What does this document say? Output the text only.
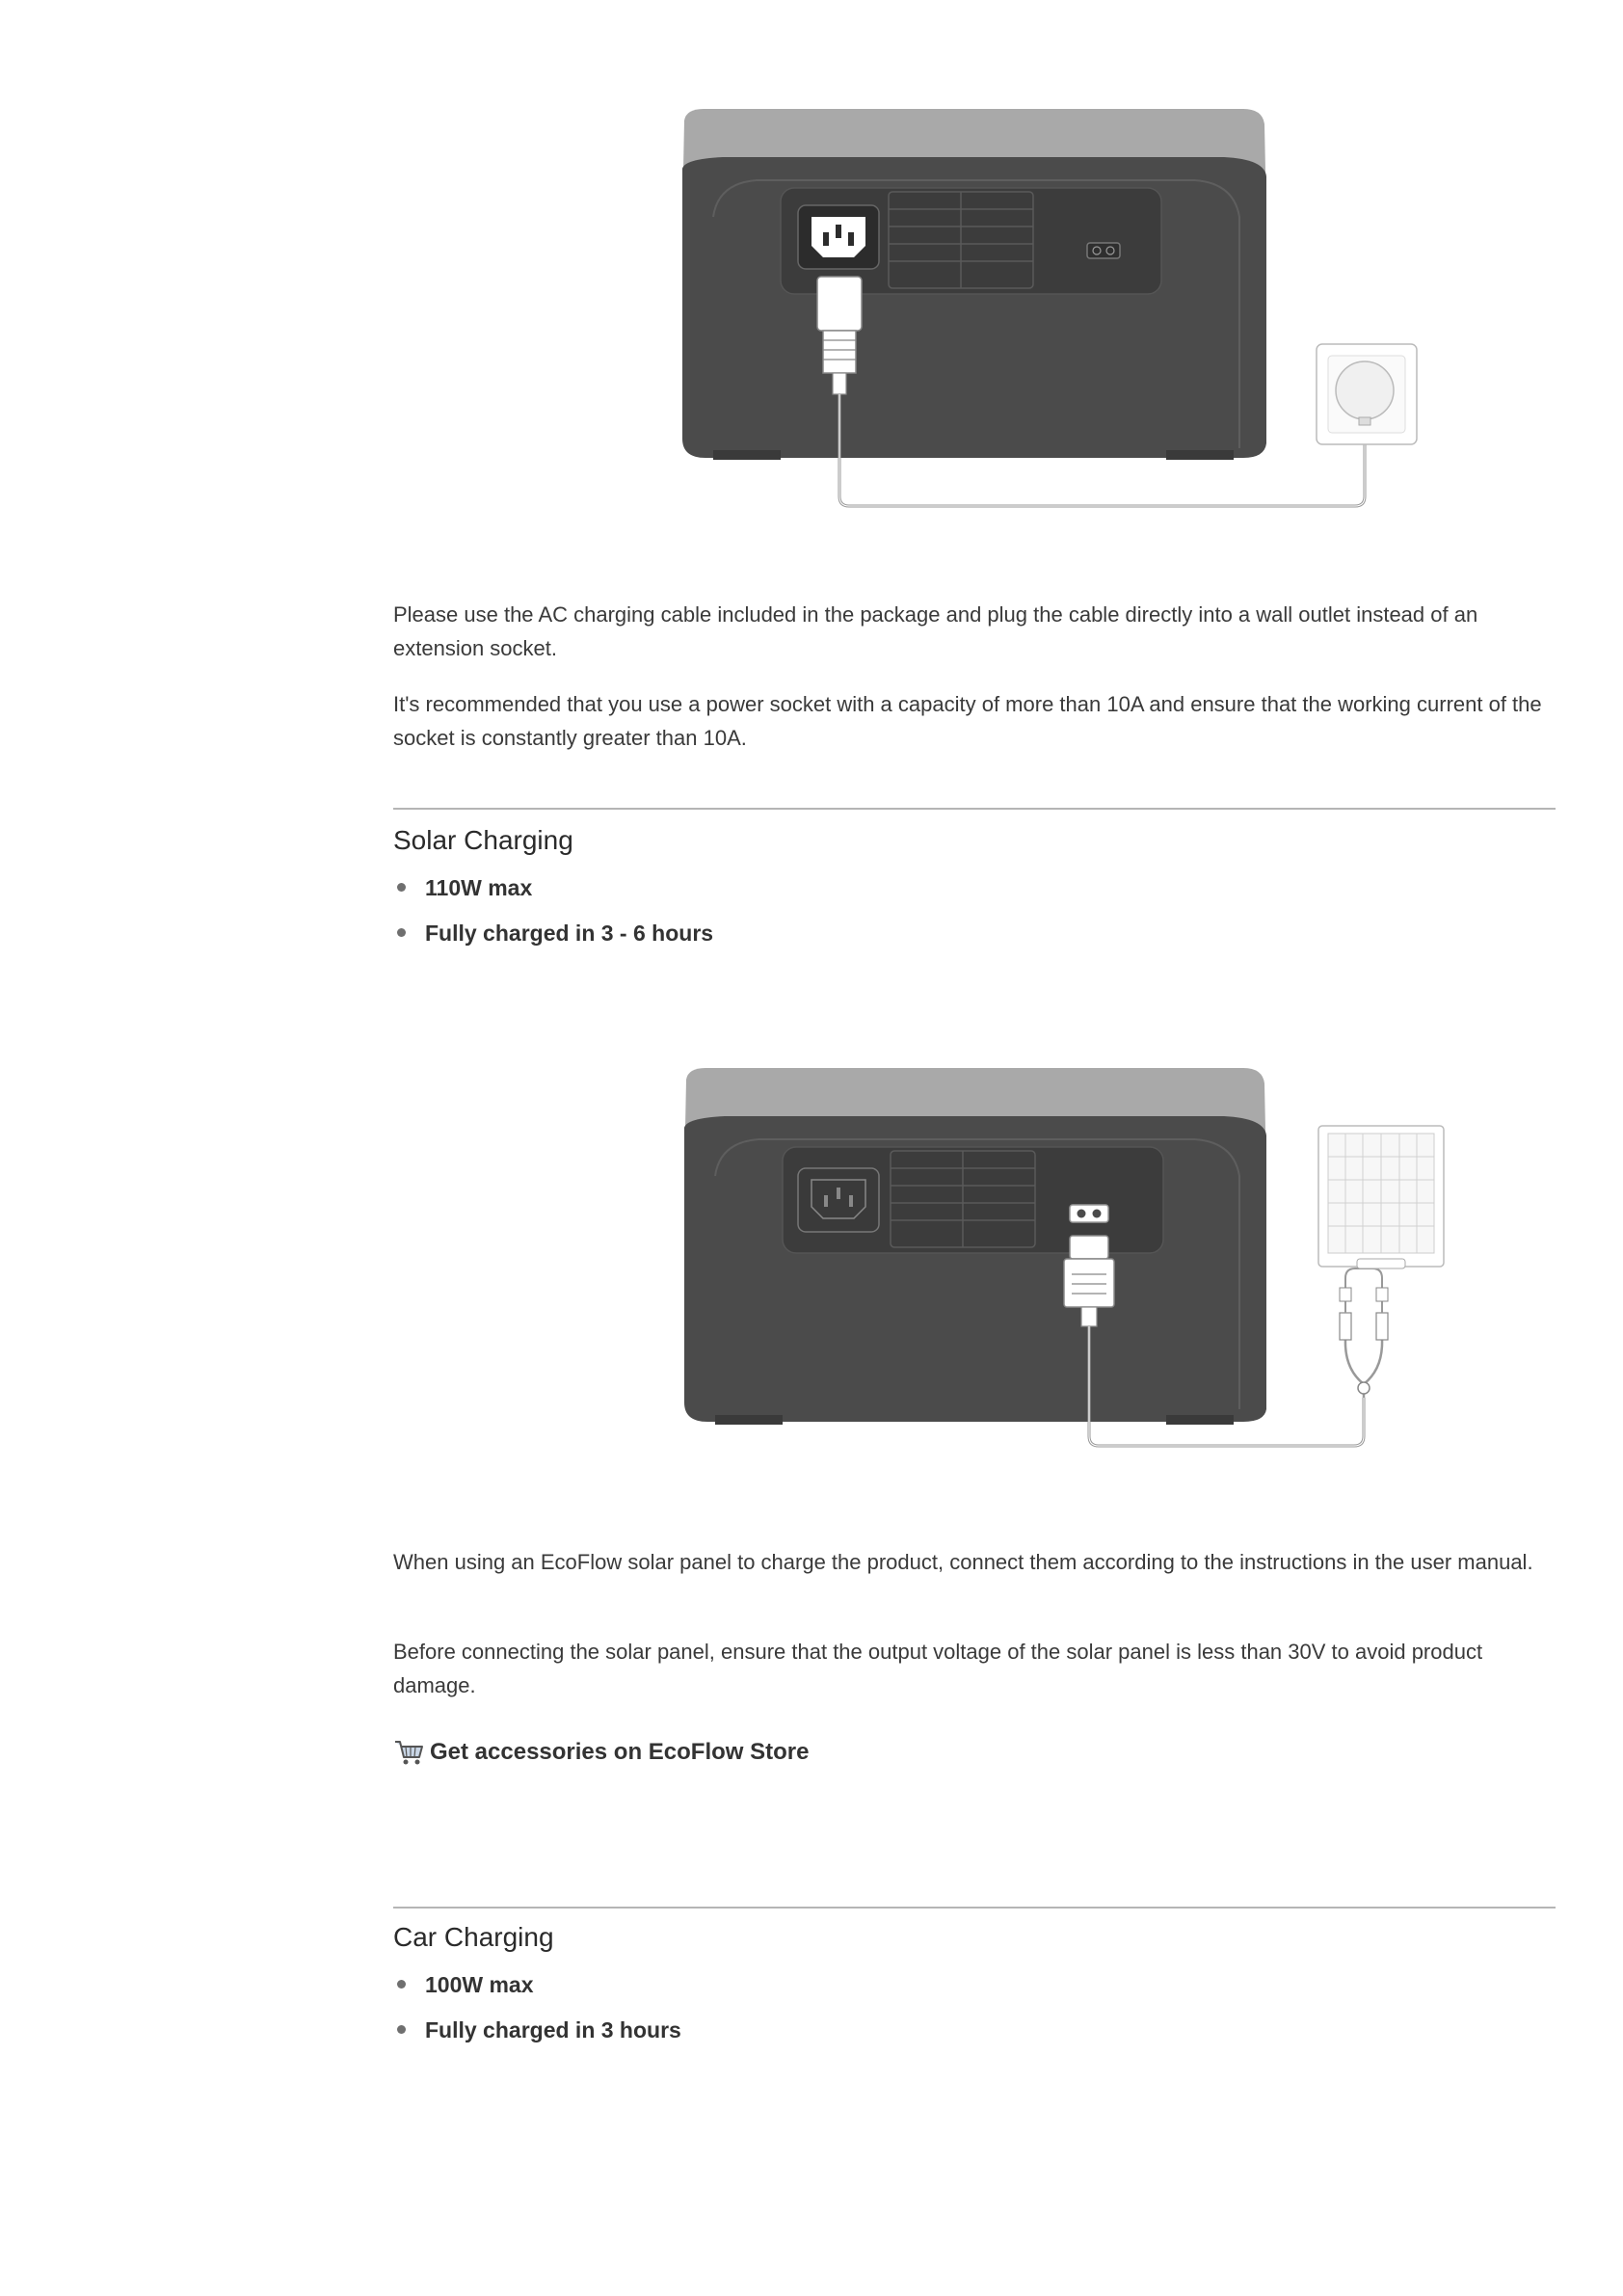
Please use the AC charging cable included in the package and plug the cable directly into a wall outlet instead of an extension socket.

It's recommended that you use a power socket with a capacity of more than 10A and ensure that the working current of the socket is constantly greater than 10A.

Solar Charging
110W max
Fully charged in 3 - 6 hours

When using an EcoFlow solar panel to charge the product, connect them according to the instructions in the user manual.

Before connecting the solar panel, ensure that the output voltage of the solar panel is less than 30V to avoid product damage.

Get accessories on EcoFlow Store
Car Charging
100W max
Fully charged in 3 hours
